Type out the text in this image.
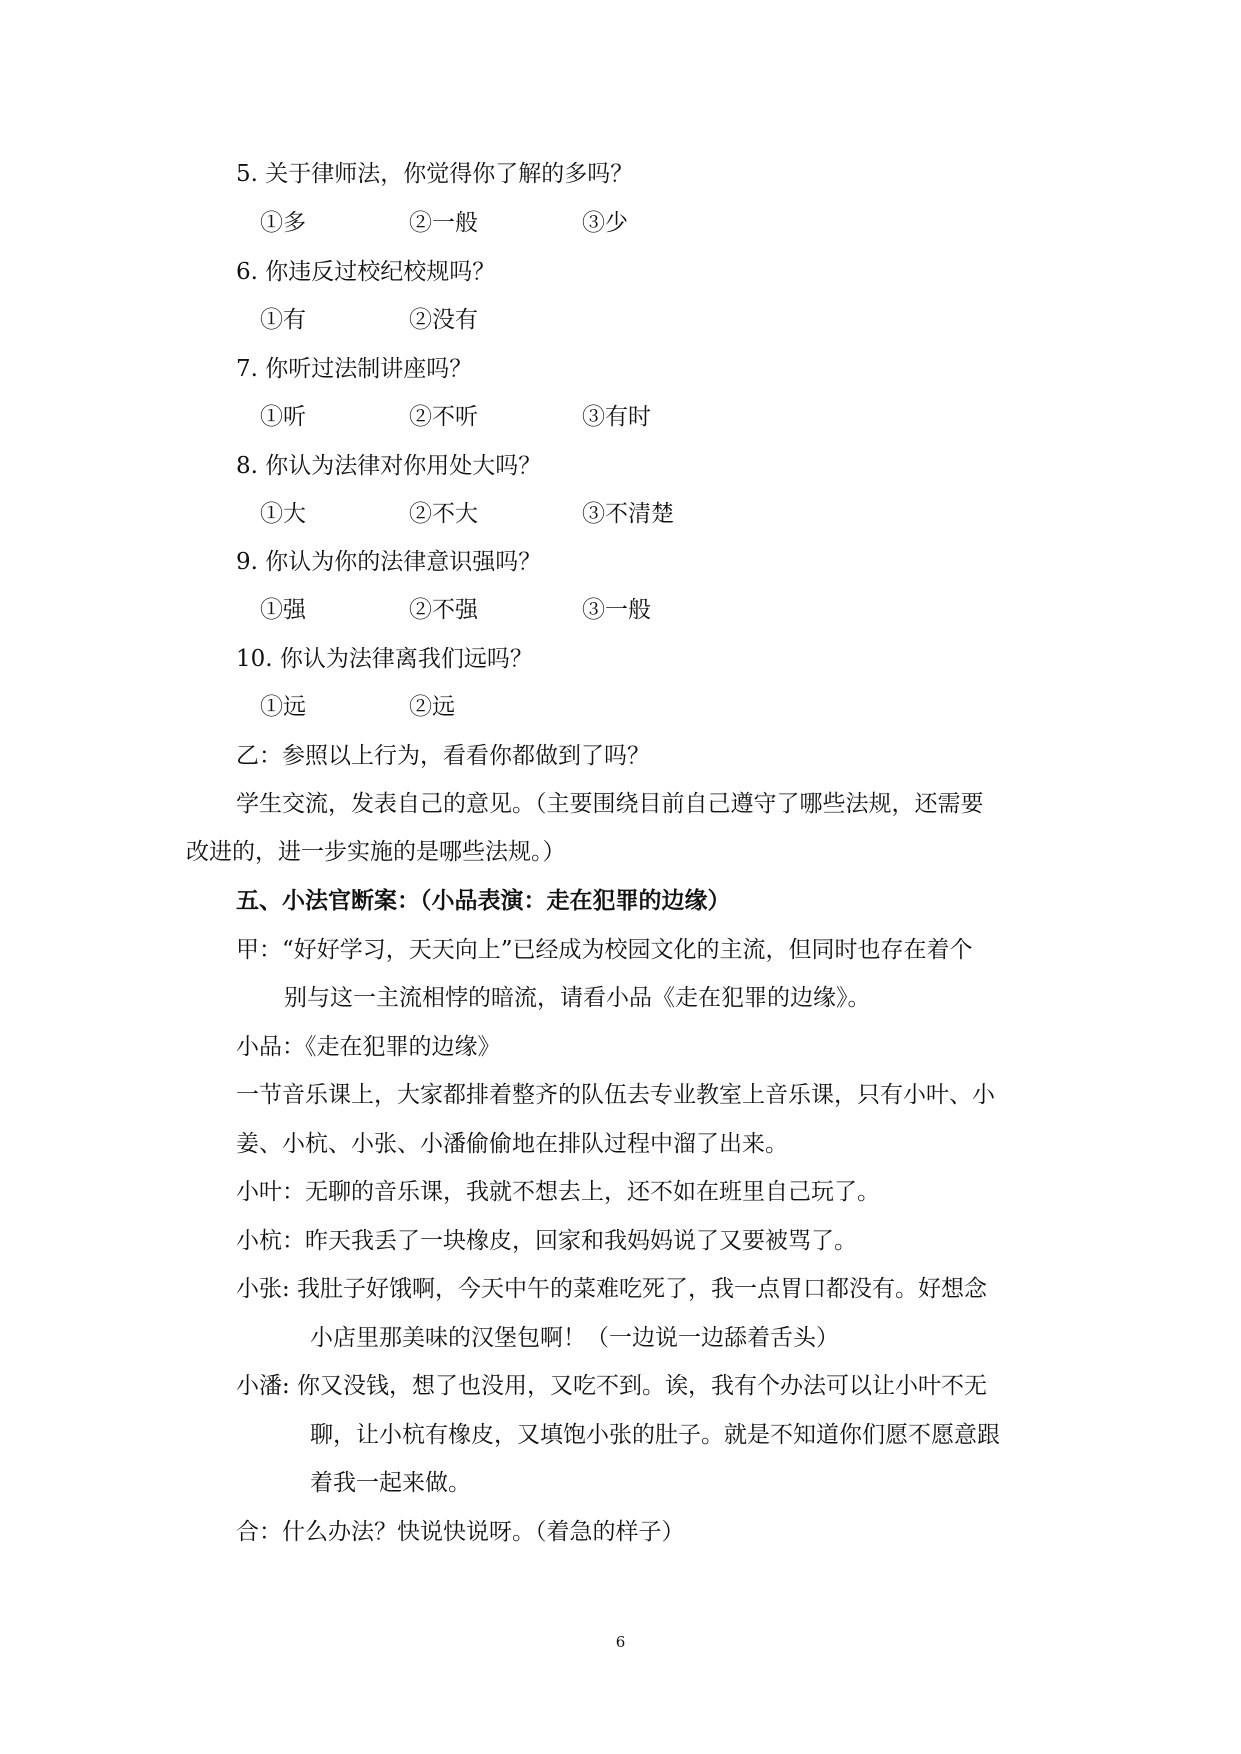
5. 关于律师法，你觉得你了解的多吗？
①多	②一般	③少
6. 你违反过校纪校规吗？
①有	②没有
7. 你听过法制讲座吗？
①听	②不听	③有时
8. 你认为法律对你用处大吗？
①大	②不大	③不清楚
9. 你认为你的法律意识强吗？
①强	②不强	③一般
10. 你认为法律离我们远吗？
①远	②远
乙：参照以上行为，看看你都做到了吗？
学生交流，发表自己的意见。（主要围绕目前自己遵守了哪些法规，还需要
改进的，进一步实施的是哪些法规。）
五、小法官断案：（小品表演：走在犯罪的边缘）
甲：“好好学习，天天向上”已经成为校园文化的主流，但同时也存在着个
别与这一主流相悖的暗流，请看小品《走在犯罪的边缘》。
小品：《走在犯罪的边缘》
一节音乐课上，大家都排着整齐的队伍去专业教室上音乐课，只有小叶、小
姜、小杭、小张、小潘偷偷地在排队过程中溜了出来。
小叶：无聊的音乐课，我就不想去上，还不如在班里自己玩了。
小杭：昨天我丢了一块橡皮，回家和我妈妈说了又要被骂了。
小张: 我肚子好饿啊，今天中午的菜难吃死了，我一点胃口都没有。好想念
小店里那美味的汉堡包啊！（一边说一边舔着舌头）
小潘: 你又没钱，想了也没用，又吃不到。诶，我有个办法可以让小叶不无
聊，让小杭有橡皮，又填饱小张的肚子。就是不知道你们愿不愿意跟
着我一起来做。
合：什么办法？快说快说呀。（着急的样子）
6
